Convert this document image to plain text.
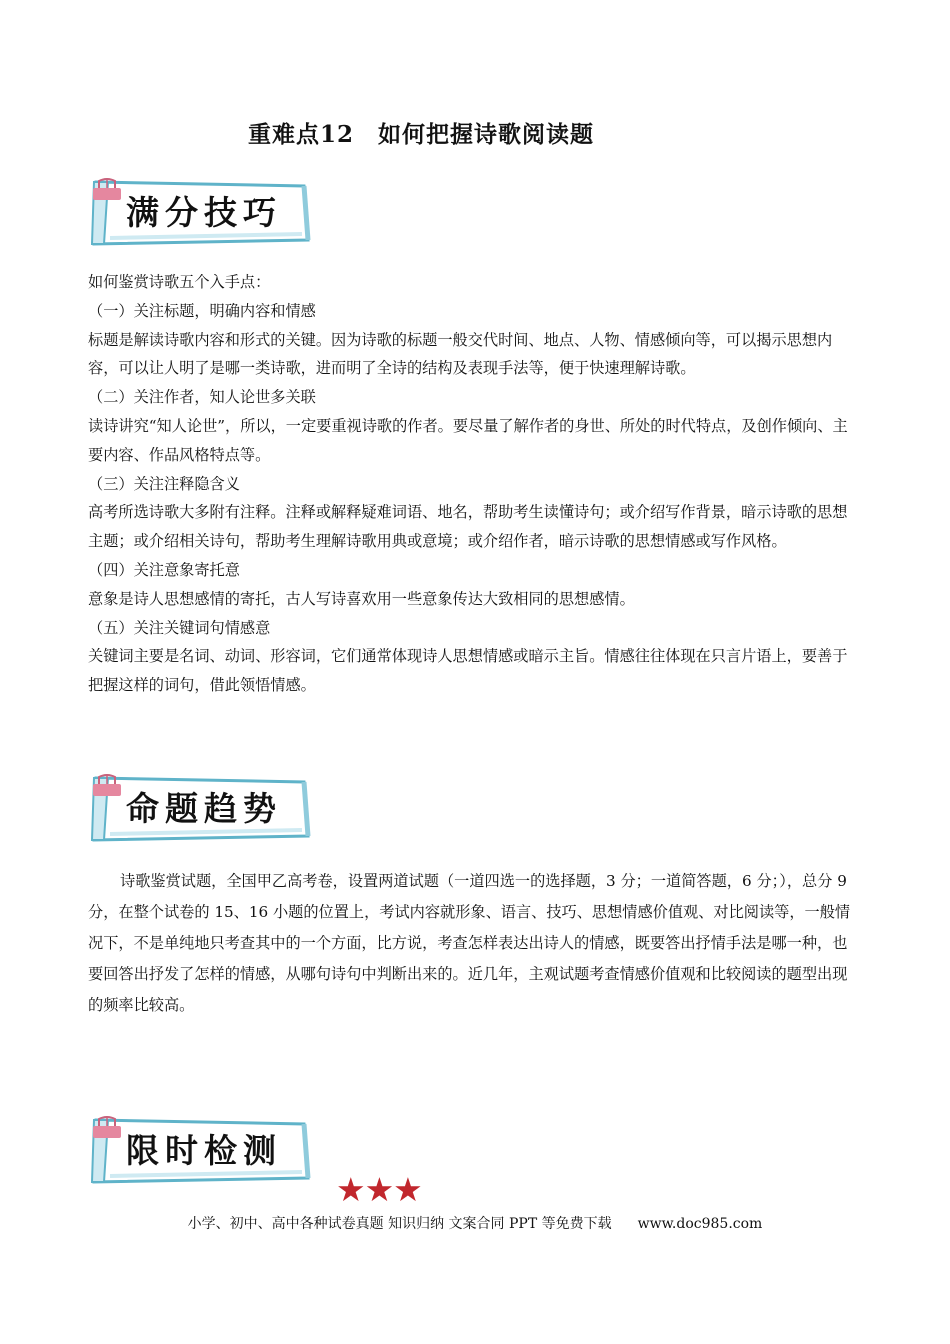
重难点12　如何把握诗歌阅读题
满分技巧

如何鉴赏诗歌五个入手点：

（一）关注标题，明确内容和情感

标题是解读诗歌内容和形式的关键。因为诗歌的标题一般交代时间、地点、人物、情感倾向等，可以揭示思想内容，可以让人明了是哪一类诗歌，进而明了全诗的结构及表现手法等，便于快速理解诗歌。

（二）关注作者，知人论世多关联

读诗讲究“知人论世”，所以，一定要重视诗歌的作者。要尽量了解作者的身世、所处的时代特点，及创作倾向、主要内容、作品风格特点等。

（三）关注注释隐含义

高考所选诗歌大多附有注释。注释或解释疑难词语、地名，帮助考生读懂诗句；或介绍写作背景，暗示诗歌的思想主题；或介绍相关诗句，帮助考生理解诗歌用典或意境；或介绍作者，暗示诗歌的思想情感或写作风格。

（四）关注意象寄托意

意象是诗人思想感情的寄托，古人写诗喜欢用一些意象传达大致相同的思想感情。

（五）关注关键词句情感意

关键词主要是名词、动词、形容词，它们通常体现诗人思想情感或暗示主旨。情感往往体现在只言片语上，要善于把握这样的词句，借此领悟情感。

命题趋势

诗歌鉴赏试题，全国甲乙高考卷，设置两道试题（一道四选一的选择题，3 分；一道简答题，6 分；），总分 9 分，在整个试卷的 15、16 小题的位置上，考试内容就形象、语言、技巧、思想情感价值观、对比阅读等，一般情况下，不是单纯地只考查其中的一个方面，比方说，考查怎样表达出诗人的情感，既要答出抒情手法是哪一种，也要回答出抒发了怎样的情感，从哪句诗句中判断出来的。近几年，主观试题考查情感价值观和比较阅读的题型出现的频率比较高。

限时检测
★★★
小学、初中、高中各种试卷真题 知识归纳 文案合同 PPT 等免费下载 www.doc985.com
